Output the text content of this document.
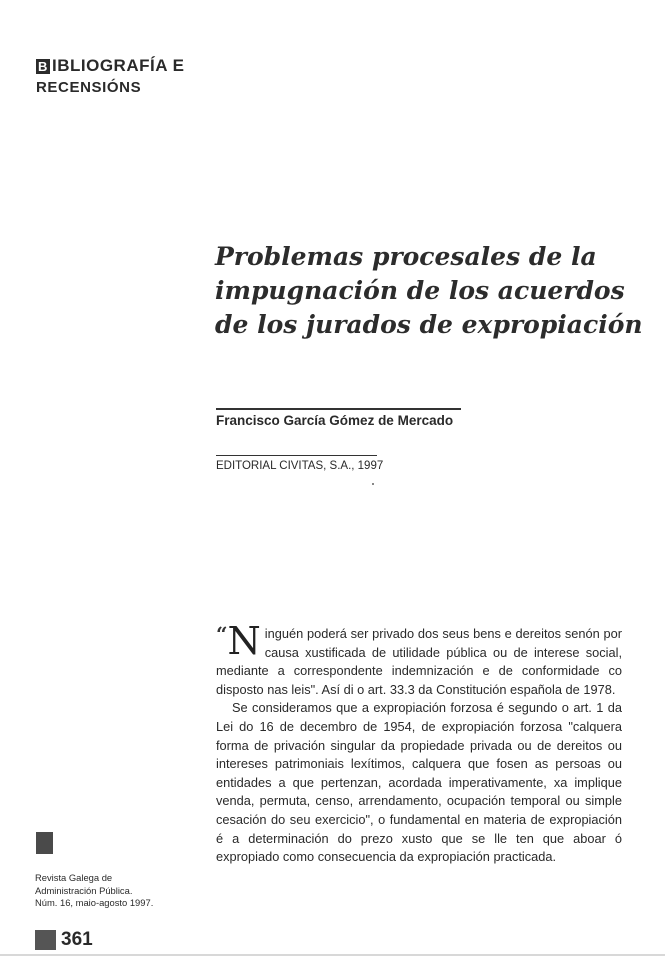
B IBLIOGRAFÍA E
RECENSIÓNS
Problemas procesales de la
impugnación de los acuerdos
de los jurados de expropiación
Francisco García Gómez de Mercado
EDITORIAL CIVITAS, S.A., 1997

“N inguén poderá ser privado dos seus bens e dereitos senón por causa xustificada de utilidade pública ou de interese social, mediante a correspondente indemnización e de conformidade co disposto nas leis". Así di o art. 33.3 da Constitución española de 1978.

Se consideramos que a expropiación forzosa é segundo o art. 1 da Lei do 16 de decembro de 1954, de expropiación forzosa "calquera forma de privación singular da propiedade privada ou de dereitos ou intereses patrimoniais lexítimos, calquera que fosen as persoas ou entidades a que pertenzan, acordada imperativamente, xa implique venda, permuta, censo, arrendamento, ocupación temporal ou simple cesación do seu exercicio", o fundamental en materia de expropiación é a determinación do prezo xusto que se lle ten que aboar ó expropiado como consecuencia da expropiación practicada.

Revista Galega de
Administración Pública.
Núm. 16, maio-agosto 1997.
361
